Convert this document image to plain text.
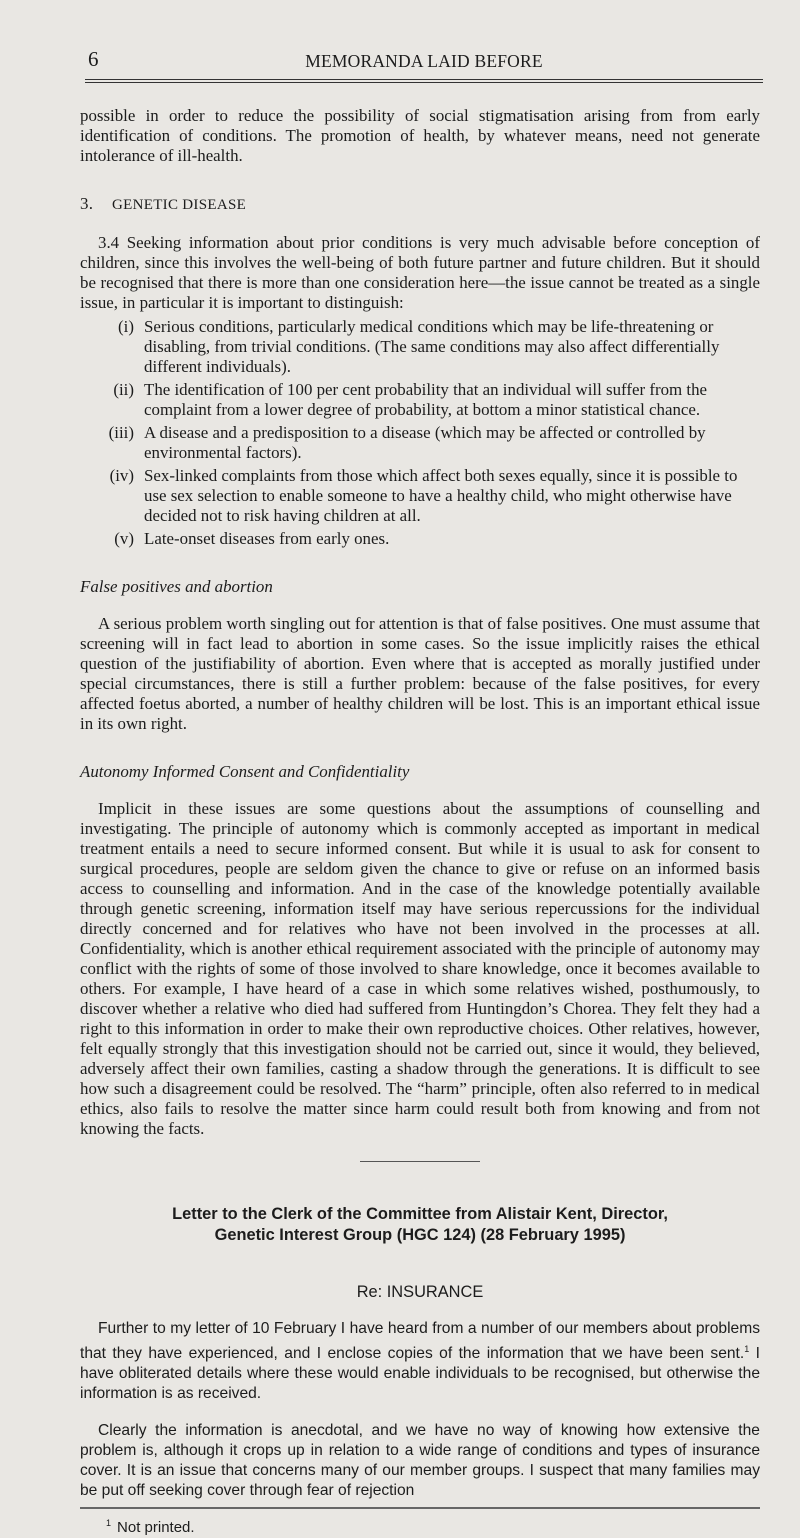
6	MEMORANDA LAID BEFORE

possible in order to reduce the possibility of social stigmatisation arising from from early identification of conditions. The promotion of health, by whatever means, need not generate intolerance of ill-health.

3. GENETIC DISEASE

3.4 Seeking information about prior conditions is very much advisable before conception of children, since this involves the well-being of both future partner and future children. But it should be recognised that there is more than one consideration here—the issue cannot be treated as a single issue, in particular it is important to distinguish:

(i) Serious conditions, particularly medical conditions which may be life-threatening or disabling, from trivial conditions. (The same conditions may also affect differentially different individuals).
(ii) The identification of 100 per cent probability that an individual will suffer from the complaint from a lower degree of probability, at bottom a minor statistical chance.
(iii) A disease and a predisposition to a disease (which may be affected or controlled by environmental factors).
(iv) Sex-linked complaints from those which affect both sexes equally, since it is possible to use sex selection to enable someone to have a healthy child, who might otherwise have decided not to risk having children at all.
(v) Late-onset diseases from early ones.
False positives and abortion

A serious problem worth singling out for attention is that of false positives. One must assume that screening will in fact lead to abortion in some cases. So the issue implicitly raises the ethical question of the justifiability of abortion. Even where that is accepted as morally justified under special circumstances, there is still a further problem: because of the false positives, for every affected foetus aborted, a number of healthy children will be lost. This is an important ethical issue in its own right.

Autonomy Informed Consent and Confidentiality

Implicit in these issues are some questions about the assumptions of counselling and investigating. The principle of autonomy which is commonly accepted as important in medical treatment entails a need to secure informed consent. But while it is usual to ask for consent to surgical procedures, people are seldom given the chance to give or refuse on an informed basis access to counselling and information. And in the case of the knowledge potentially available through genetic screening, information itself may have serious repercussions for the individual directly concerned and for relatives who have not been involved in the processes at all. Confidentiality, which is another ethical requirement associated with the principle of autonomy may conflict with the rights of some of those involved to share knowledge, once it becomes available to others. For example, I have heard of a case in which some relatives wished, posthumously, to discover whether a relative who died had suffered from Huntingdon’s Chorea. They felt they had a right to this information in order to make their own reproductive choices. Other relatives, however, felt equally strongly that this investigation should not be carried out, since it would, they believed, adversely affect their own families, casting a shadow through the generations. It is difficult to see how such a disagreement could be resolved. The “harm” principle, often also referred to in medical ethics, also fails to resolve the matter since harm could result both from knowing and from not knowing the facts.

Letter to the Clerk of the Committee from Alistair Kent, Director,
Genetic Interest Group (HGC 124) (28 February 1995)
Re: INSURANCE

Further to my letter of 10 February I have heard from a number of our members about problems that they have experienced, and I enclose copies of the information that we have been sent.$^1$ I have obliterated details where these would enable individuals to be recognised, but otherwise the information is as received.

Clearly the information is anecdotal, and we have no way of knowing how extensive the problem is, although it crops up in relation to a wide range of conditions and types of insurance cover. It is an issue that concerns many of our member groups. I suspect that many families may be put off seeking cover through fear of rejection

$^1$ Not printed.
